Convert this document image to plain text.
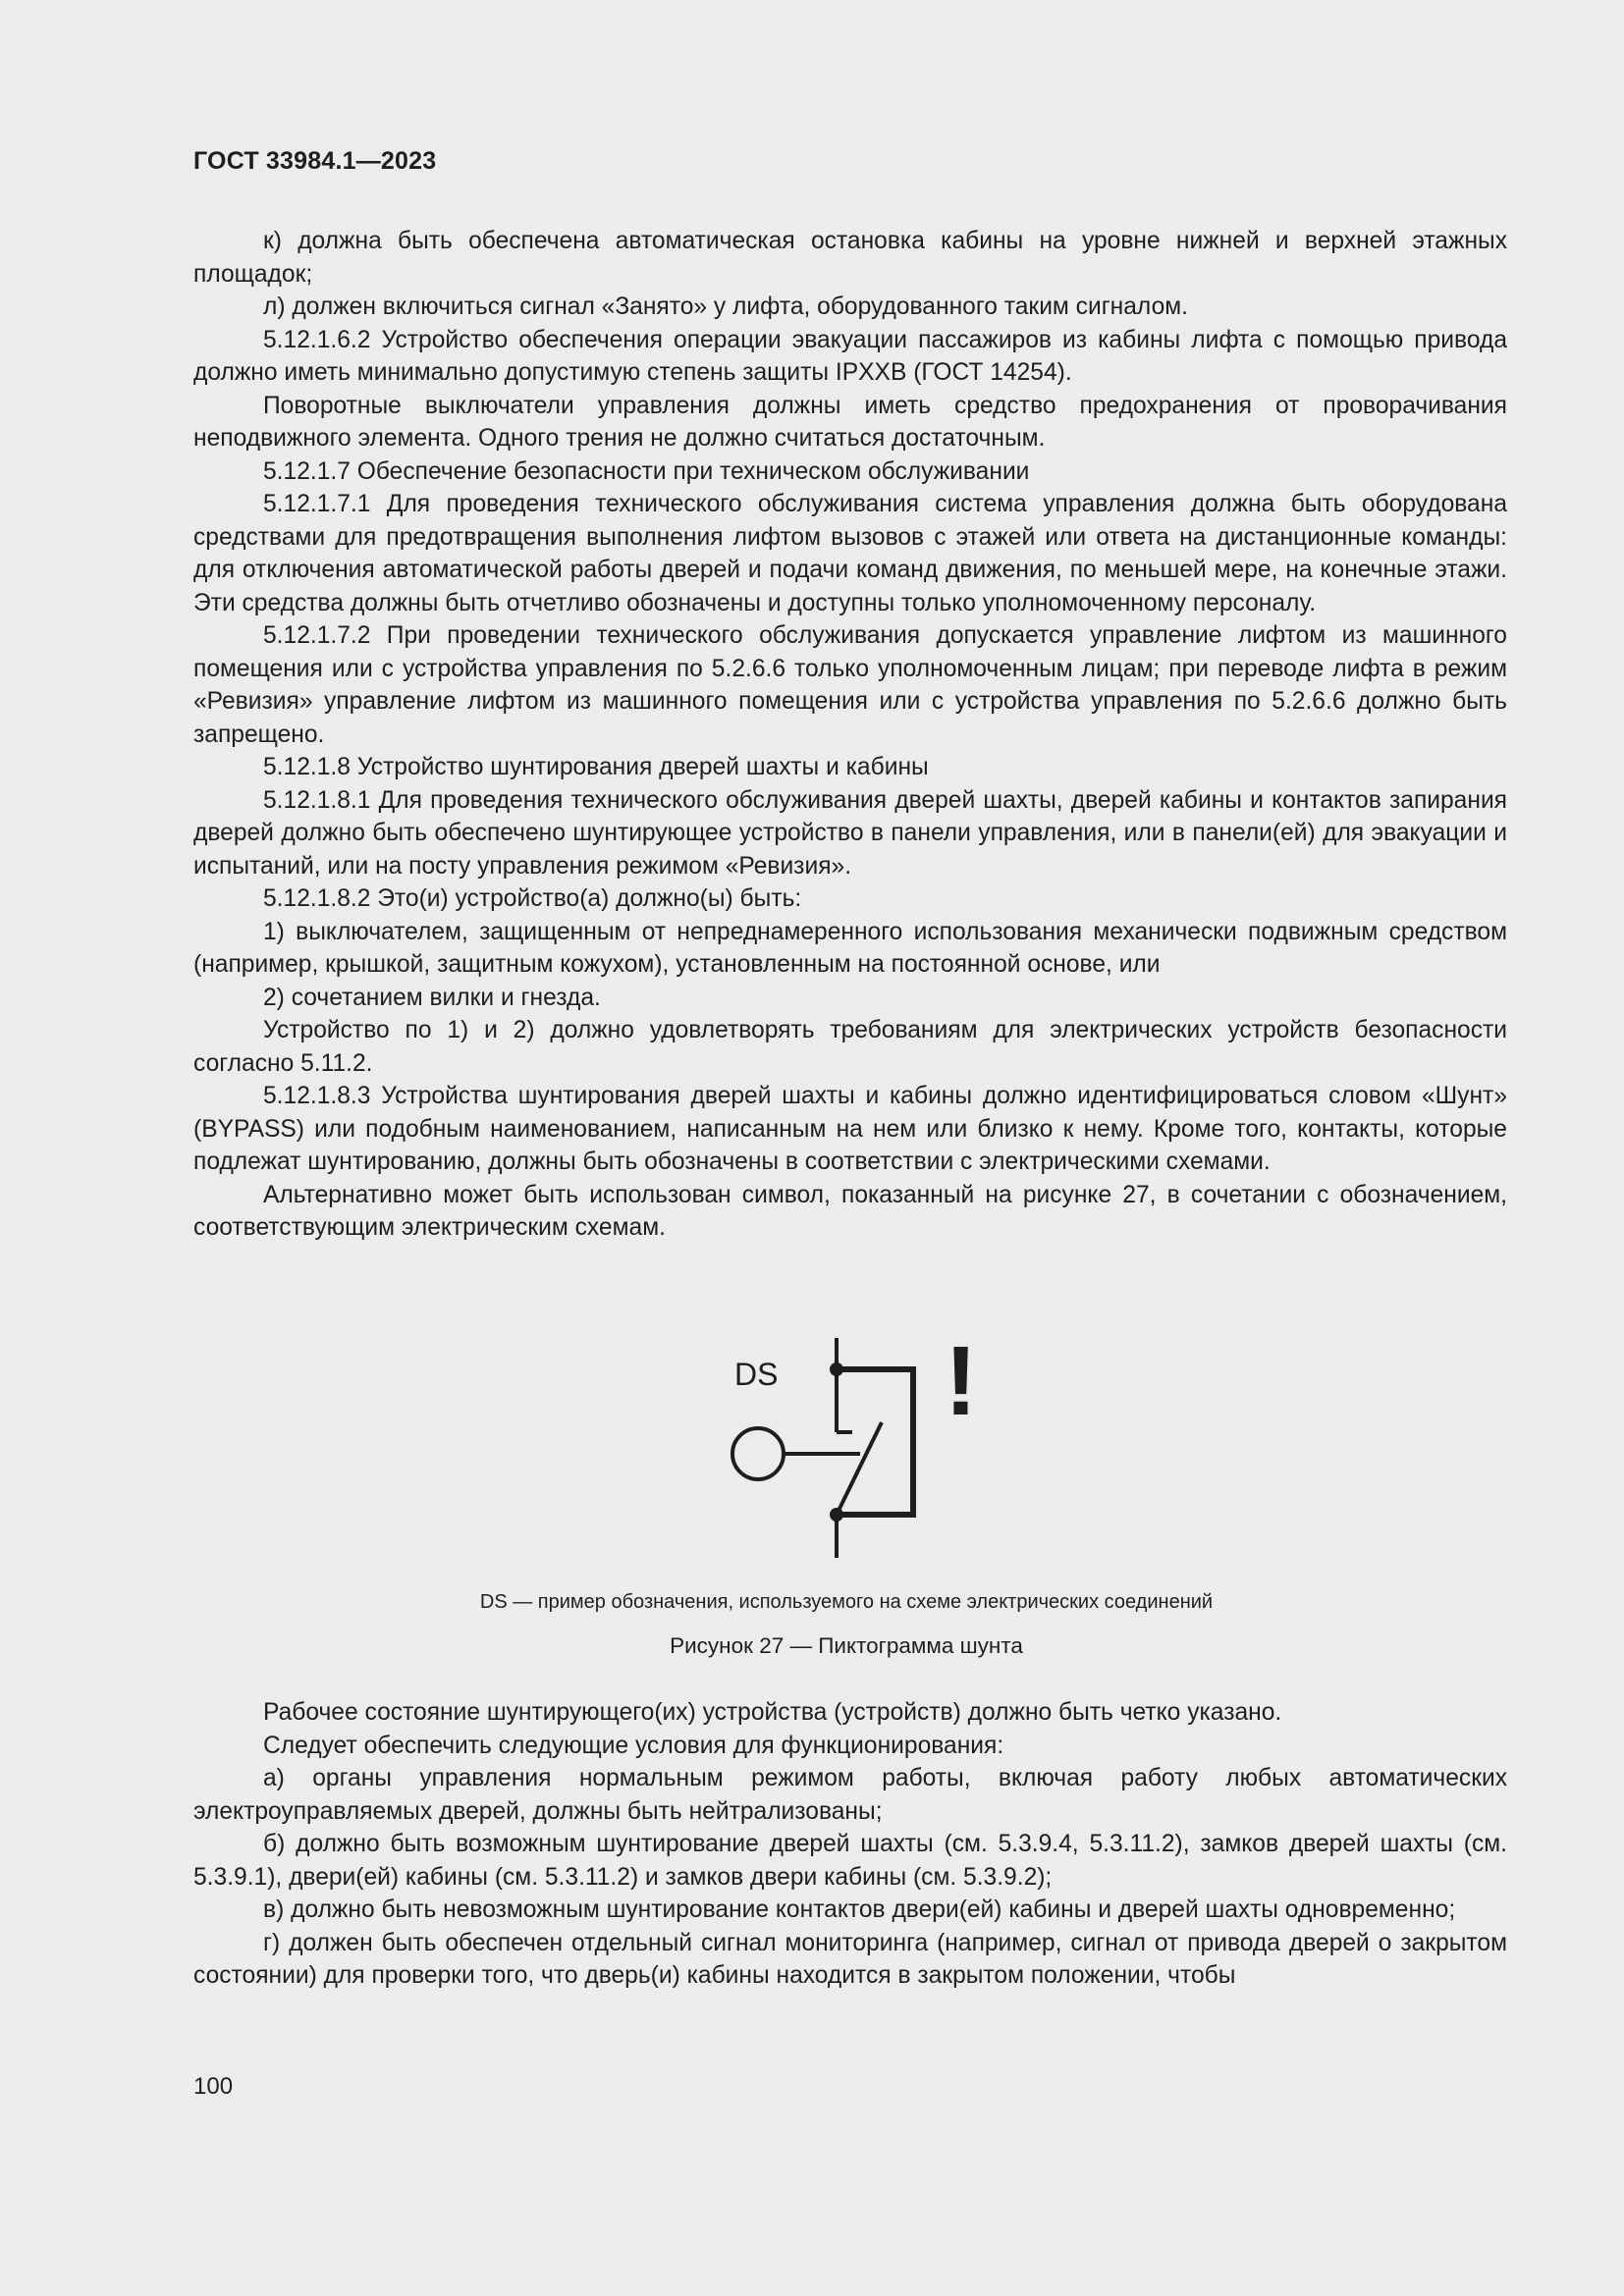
ГОСТ 33984.1—2023

к) должна быть обеспечена автоматическая остановка кабины на уровне нижней и верхней этажных площадок;

л) должен включиться сигнал «Занято» у лифта, оборудованного таким сигналом.

5.12.1.6.2 Устройство обеспечения операции эвакуации пассажиров из кабины лифта с помощью привода должно иметь минимально допустимую степень защиты IPXXB (ГОСТ 14254).

Поворотные выключатели управления должны иметь средство предохранения от проворачивания неподвижного элемента. Одного трения не должно считаться достаточным.

5.12.1.7 Обеспечение безопасности при техническом обслуживании

5.12.1.7.1 Для проведения технического обслуживания система управления должна быть оборудована средствами для предотвращения выполнения лифтом вызовов с этажей или ответа на дистанционные команды: для отключения автоматической работы дверей и подачи команд движения, по меньшей мере, на конечные этажи. Эти средства должны быть отчетливо обозначены и доступны только уполномоченному персоналу.

5.12.1.7.2 При проведении технического обслуживания допускается управление лифтом из машинного помещения или с устройства управления по 5.2.6.6 только уполномоченным лицам; при переводе лифта в режим «Ревизия» управление лифтом из машинного помещения или с устройства управления по 5.2.6.6 должно быть запрещено.

5.12.1.8 Устройство шунтирования дверей шахты и кабины

5.12.1.8.1 Для проведения технического обслуживания дверей шахты, дверей кабины и контактов запирания дверей должно быть обеспечено шунтирующее устройство в панели управления, или в панели(ей) для эвакуации и испытаний, или на посту управления режимом «Ревизия».

5.12.1.8.2 Это(и) устройство(а) должно(ы) быть:

1) выключателем, защищенным от непреднамеренного использования механически подвижным средством (например, крышкой, защитным кожухом), установленным на постоянной основе, или

2) сочетанием вилки и гнезда.

Устройство по 1) и 2) должно удовлетворять требованиям для электрических устройств безопасности согласно 5.11.2.

5.12.1.8.3 Устройства шунтирования дверей шахты и кабины должно идентифицироваться словом «Шунт» (BYPASS) или подобным наименованием, написанным на нем или близко к нему. Кроме того, контакты, которые подлежат шунтированию, должны быть обозначены в соответствии с электрическими схемами.

Альтернативно может быть использован символ, показанный на рисунке 27, в сочетании с обозначением, соответствующим электрическим схемам.

DS !
DS — пример обозначения, используемого на схеме электрических соединений
Рисунок 27 — Пиктограмма шунта

Рабочее состояние шунтирующего(их) устройства (устройств) должно быть четко указано.

Следует обеспечить следующие условия для функционирования:

а) органы управления нормальным режимом работы, включая работу любых автоматических электроуправляемых дверей, должны быть нейтрализованы;

б) должно быть возможным шунтирование дверей шахты (см. 5.3.9.4, 5.3.11.2), замков дверей шахты (см. 5.3.9.1), двери(ей) кабины (см. 5.3.11.2) и замков двери кабины (см. 5.3.9.2);

в) должно быть невозможным шунтирование контактов двери(ей) кабины и дверей шахты одновременно;

г) должен быть обеспечен отдельный сигнал мониторинга (например, сигнал от привода дверей о закрытом состоянии) для проверки того, что дверь(и) кабины находится в закрытом положении, чтобы

100
